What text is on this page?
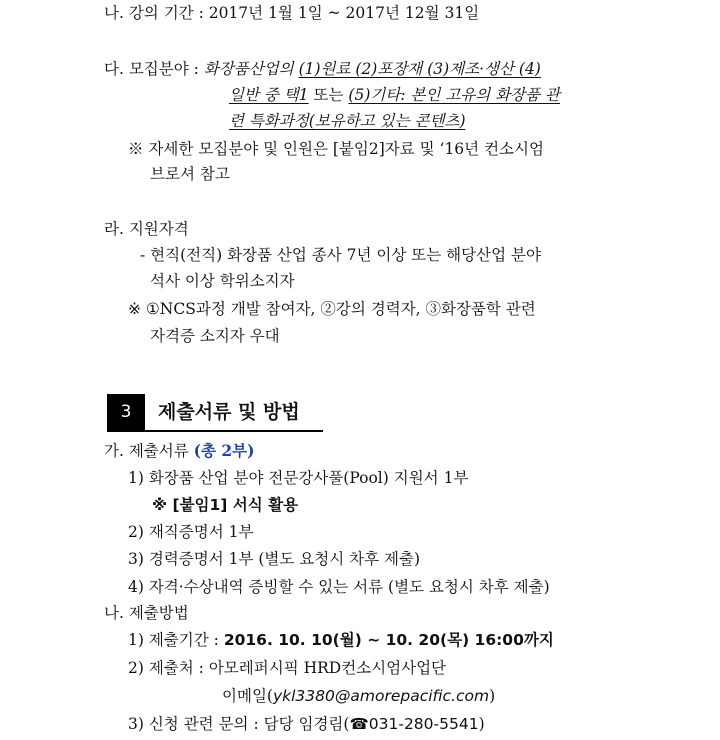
나. 강의 기간 : 2017년 1월 1일 ~ 2017년 12월 31일
다. 모집분야 : 화장품산업의 (1)원료 (2)포장재 (3)제조·생산 (4)
일반 중 택1 또는 (5)기타: 본인 고유의 화장품 관
련 특화과정(보유하고 있는 콘텐츠)
※ 자세한 모집분야 및 인원은 [붙임2]자료 및 ‘16년 컨소시엄
브로셔 참고
라. 지원자격
- 현직(전직) 화장품 산업 종사 7년 이상 또는 해당산업 분야
석사 이상 학위소지자
※ ①NCS과정 개발 참여자, ②강의 경력자, ③화장품학 관련
자격증 소지자 우대
3 제출서류 및 방법
가. 제출서류 (총 2부)
1) 화장품 산업 분야 전문강사풀(Pool) 지원서 1부
※ [붙임1] 서식 활용
2) 재직증명서 1부
3) 경력증명서 1부 (별도 요청시 차후 제출)
4) 자격·수상내역 증빙할 수 있는 서류 (별도 요청시 차후 제출)
나. 제출방법
1) 제출기간 : 2016. 10. 10(월) ~ 10. 20(목) 16:00까지
2) 제출처 : 아모레퍼시픽 HRD컨소시엄사업단
이메일(ykl3380@amorepacific.com)
3) 신청 관련 문의 : 담당 임경림(☎031-280-5541)
